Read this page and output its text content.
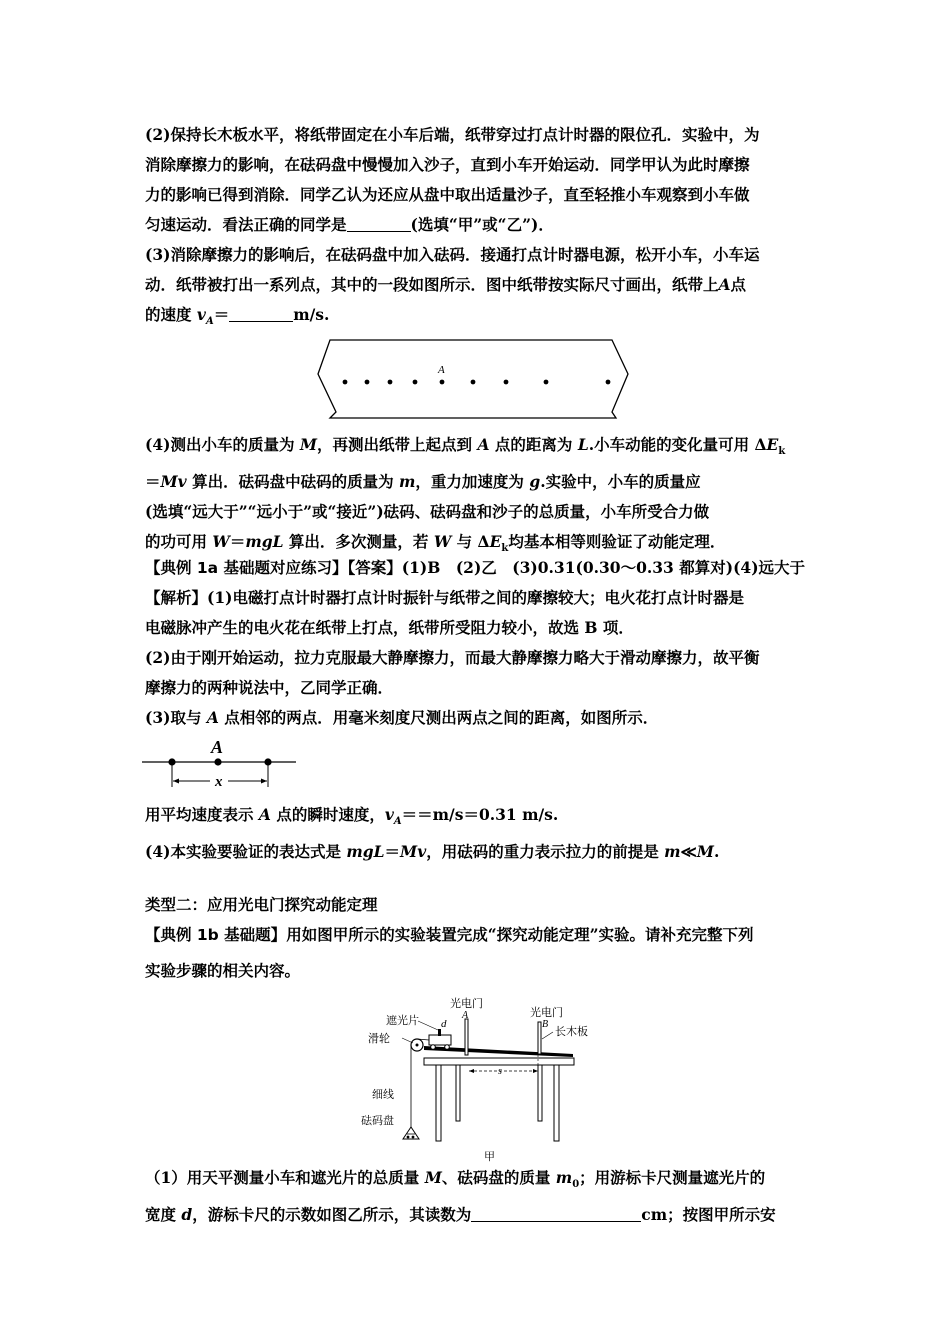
(2)保持长木板水平，将纸带固定在小车后端，纸带穿过打点计时器的限位孔．实验中，为

消除摩擦力的影响，在砝码盘中慢慢加入沙子，直到小车开始运动．同学甲认为此时摩擦

力的影响已得到消除．同学乙认为还应从盘中取出适量沙子，直至轻推小车观察到小车做

匀速运动．看法正确的同学是	(选填“甲”或“乙”)．

(3)消除摩擦力的影响后，在砝码盘中加入砝码．接通打点计时器电源，松开小车，小车运

动．纸带被打出一系列点，其中的一段如图所示．图中纸带按实际尺寸画出，纸带上A点

的速度 $v_A=$	m/s.

A

(4)测出小车的质量为 M，再测出纸带上起点到 A 点的距离为 L.小车动能的变化量可用 $\Delta E_k$

＝Mv 算出．砝码盘中砝码的质量为 m，重力加速度为 g.实验中，小车的质量应

(选填“远大于”“远小于”或“接近”)砝码、砝码盘和沙子的总质量，小车所受合力做

的功可用 W＝mgL 算出．多次测量，若 W 与 $\Delta E_k$均基本相等则验证了动能定理．

【典例 1a 基础题对应练习】【答案】(1)B　(2)乙　(3)0.31(0.30～0.33 都算对)(4)远大于

【解析】(1)电磁打点计时器打点计时振针与纸带之间的摩擦较大；电火花打点计时器是

电磁脉冲产生的电火花在纸带上打点，纸带所受阻力较小，故选 B 项．

(2)由于刚开始运动，拉力克服最大静摩擦力，而最大静摩擦力略大于滑动摩擦力，故平衡

摩擦力的两种说法中，乙同学正确．

(3)取与 A 点相邻的两点．用毫米刻度尺测出两点之间的距离，如图所示．

A
x

用平均速度表示 A 点的瞬时速度，$v_A==m/s=0.31$ m/s.

(4)本实验要验证的表达式是 mgL＝Mv，用砝码的重力表示拉力的前提是 m≪M.

类型二：应用光电门探究动能定理

【典例 1b 基础题】用如图甲所示的实验装置完成“探究动能定理”实验。请补充完整下列

实验步骤的相关内容。

遮光片 d
光电门
A	光电门
B
长木板
滑轮
细线
s
砝码盘
甲

（1）用天平测量小车和遮光片的总质量 M、砝码盘的质量 $m_0$；用游标卡尺测量遮光片的

宽度 d，游标卡尺的示数如图乙所示，其读数为	cm；按图甲所示安
